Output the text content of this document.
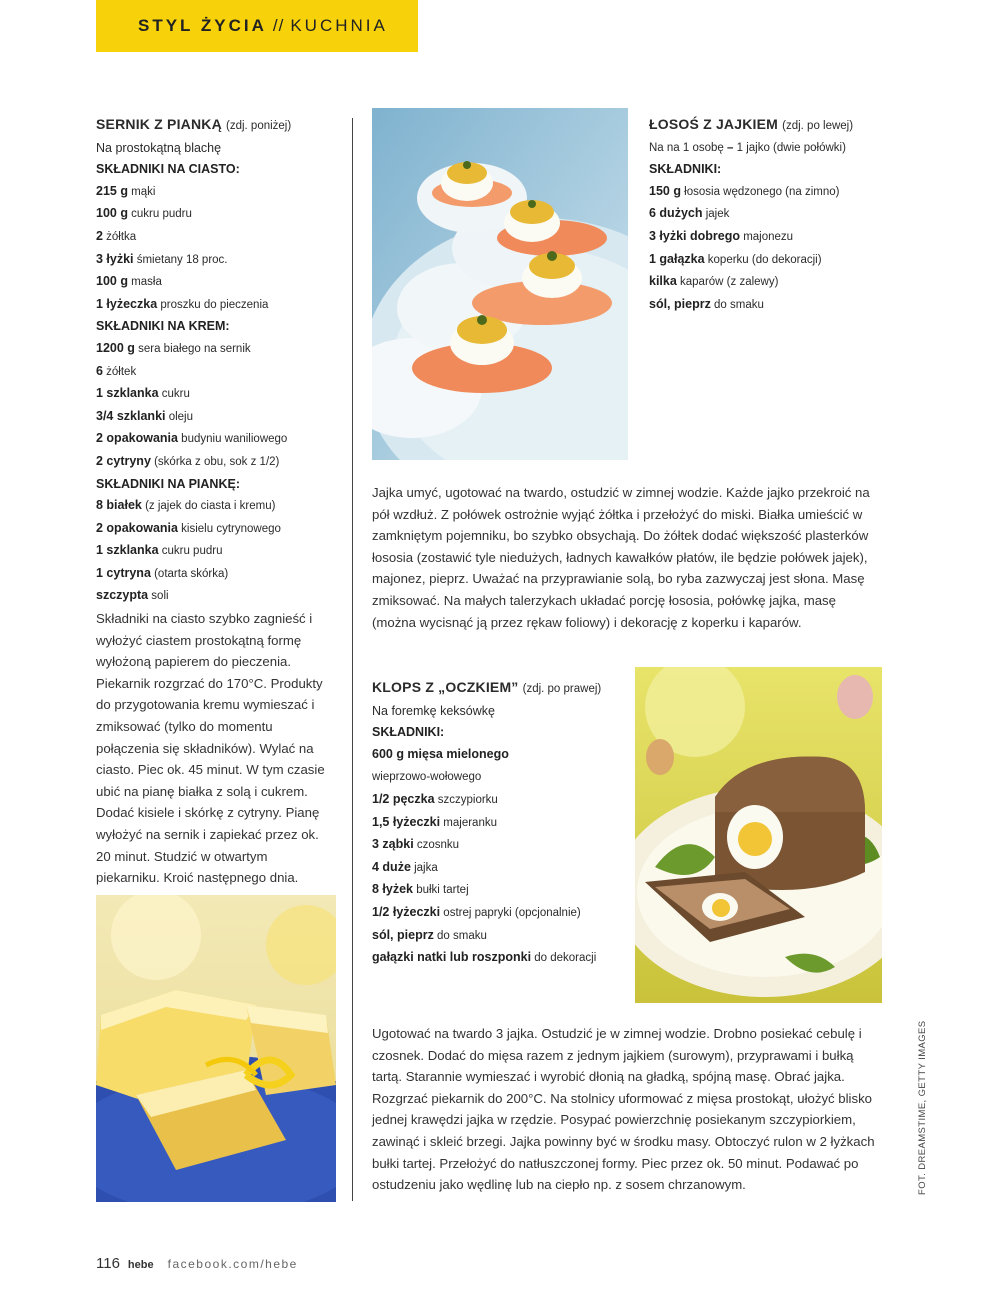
STYL ŻYCIA // KUCHNIA
SERNIK Z PIANKĄ (zdj. poniżej)
Na prostokątną blachę
SKŁADNIKI NA CIASTO:
215 g mąki
100 g cukru pudru
2 żółtka
3 łyżki śmietany 18 proc.
100 g masła
1 łyżeczka proszku do pieczenia
SKŁADNIKI NA KREM:
1200 g sera białego na sernik
6 żółtek
1 szklanka cukru
3/4 szklanki oleju
2 opakowania budyniu waniliowego
2 cytryny (skórka z obu, sok z 1/2)
SKŁADNIKI NA PIANKĘ:
8 białek (z jajek do ciasta i kremu)
2 opakowania kisielu cytrynowego
1 szklanka cukru pudru
1 cytryna (otarta skórka)
szczypta soli
Składniki na ciasto szybko zagnieść i wyłożyć ciastem prostokątną formę wyłożoną papierem do pieczenia. Piekarnik rozgrzać do 170°C. Produkty do przygotowania kremu wymieszać i zmiksować (tylko do momentu połączenia się składników). Wylać na ciasto. Piec ok. 45 minut. W tym czasie ubić na pianę białka z solą i cukrem. Dodać kisiele i skórkę z cytryny. Pianę wyłożyć na sernik i zapiekać przez ok. 20 minut. Studzić w otwartym piekarniku. Kroić następnego dnia.
ŁOSOŚ Z JAJKIEM (zdj. po lewej)
Na na 1 osobę – 1 jajko (dwie połówki)
SKŁADNIKI:
150 g łososia wędzonego (na zimno)
6 dużych jajek
3 łyżki dobrego majonezu
1 gałązka koperku (do dekoracji)
kilka kaparów (z zalewy)
sól, pieprz do smaku
Jajka umyć, ugotować na twardo, ostudzić w zimnej wodzie. Każde jajko przekroić na pół wzdłuż. Z połówek ostrożnie wyjąć żółtka i przełożyć do miski. Białka umieścić w zamkniętym pojemniku, bo szybko obsychają. Do żółtek dodać większość plasterków łososia (zostawić tyle niedużych, ładnych kawałków płatów, ile będzie połówek jajek), majonez, pieprz. Uważać na przyprawianie solą, bo ryba zazwyczaj jest słona. Masę zmiksować. Na małych talerzykach układać porcję łososia, połówkę jajka, masę (można wycisnąć ją przez rękaw foliowy) i dekorację z koperku i kaparów.
KLOPS Z „OCZKIEM” (zdj. po prawej)
Na foremkę keksówkę
SKŁADNIKI:
600 g mięsa mielonego
wieprzowo-wołowego
1/2 pęczka szczypiorku
1,5 łyżeczki majeranku
3 ząbki czosnku
4 duże jajka
8 łyżek bułki tartej
1/2 łyżeczki ostrej papryki (opcjonalnie)
sól, pieprz do smaku
gałązki natki lub roszponki do dekoracji
Ugotować na twardo 3 jajka. Ostudzić je w zimnej wodzie. Drobno posiekać cebulę i czosnek. Dodać do mięsa razem z jednym jajkiem (surowym), przyprawami i bułką tartą. Starannie wymieszać i wyrobić dłonią na gładką, spójną masę. Obrać jajka. Rozgrzać piekarnik do 200°C. Na stolnicy uformować z mięsa prostokąt, ułożyć blisko jednej krawędzi jajka w rzędzie. Posypać powierzchnię posiekanym szczypiorkiem, zawinąć i skleić brzegi. Jajka powinny być w środku masy. Obtoczyć rulon w 2 łyżkach bułki tartej. Przełożyć do natłuszczonej formy. Piec przez ok. 50 minut. Podawać po ostudzeniu jako wędlinę lub na ciepło np. z sosem chrzanowym.	FOT. DREAMSTIME, GETTY IMAGES
116 hebe facebook.com/hebe
